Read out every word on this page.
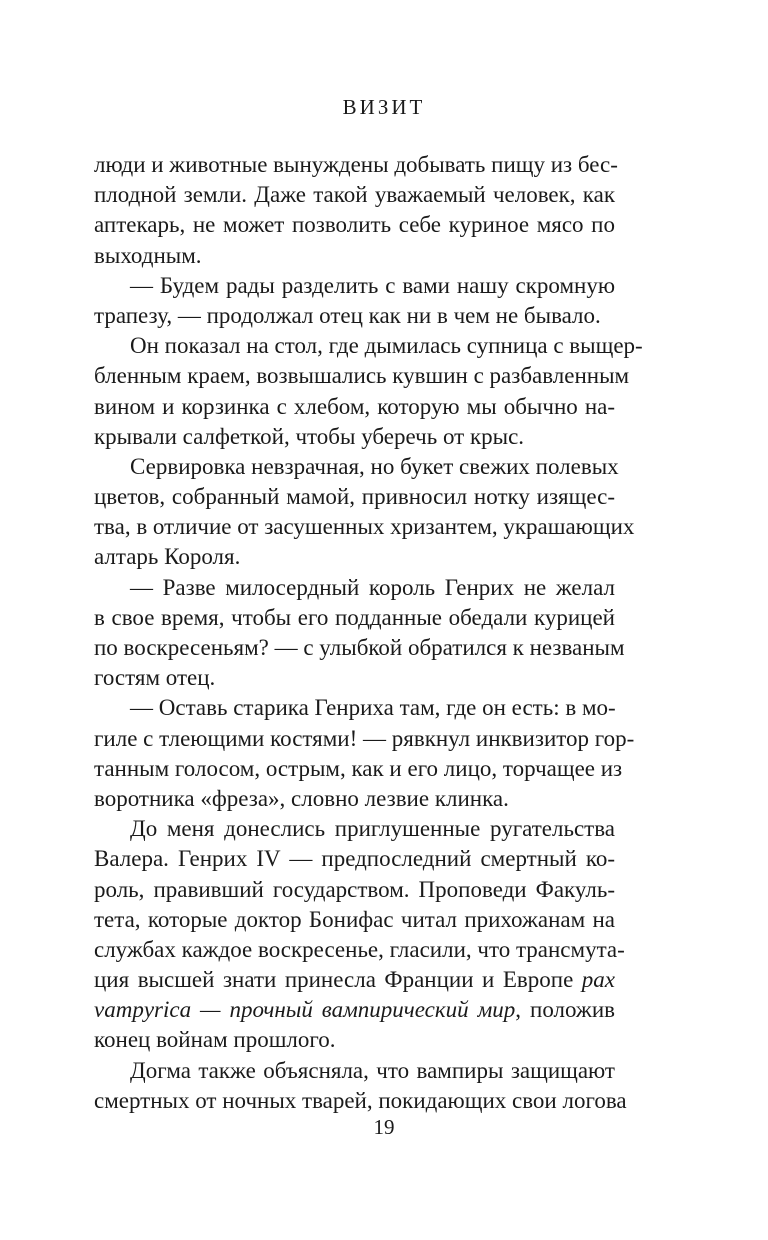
ВИЗИТ
люди и животные вынуждены добывать пищу из бес-
плодной земли. Даже такой уважаемый человек, как
аптекарь, не может позволить себе куриное мясо по
выходным.
— Будем рады разделить с вами нашу скромную
трапезу, — продолжал отец как ни в чем не бывало.
Он показал на стол, где дымилась супница с выщер-
бленным краем, возвышались кувшин с разбавленным
вином и корзинка с хлебом, которую мы обычно на-
крывали салфеткой, чтобы уберечь от крыс.
Сервировка невзрачная, но букет свежих полевых
цветов, собранный мамой, привносил нотку изящес-
тва, в отличие от засушенных хризантем, украшающих
алтарь Короля.
— Разве милосердный король Генрих не желал
в свое время, чтобы его подданные обедали курицей
по воскресеньям? — с улыбкой обратился к незваным
гостям отец.
— Оставь старика Генриха там, где он есть: в мо-
гиле с тлеющими костями! — рявкнул инквизитор гор-
танным голосом, острым, как и его лицо, торчащее из
воротника «фреза», словно лезвие клинка.
До меня донеслись приглушенные ругательства
Валера. Генрих IV — предпоследний смертный ко-
роль, правивший государством. Проповеди Факуль-
тета, которые доктор Бонифас читал прихожанам на
службах каждое воскресенье, гласили, что трансмута-
ция высшей знати принесла Франции и Европе pax
vampyrica — прочный вампирический мир, положив
конец войнам прошлого.
Догма также объясняла, что вампиры защищают
смертных от ночных тварей, покидающих свои логова
19
